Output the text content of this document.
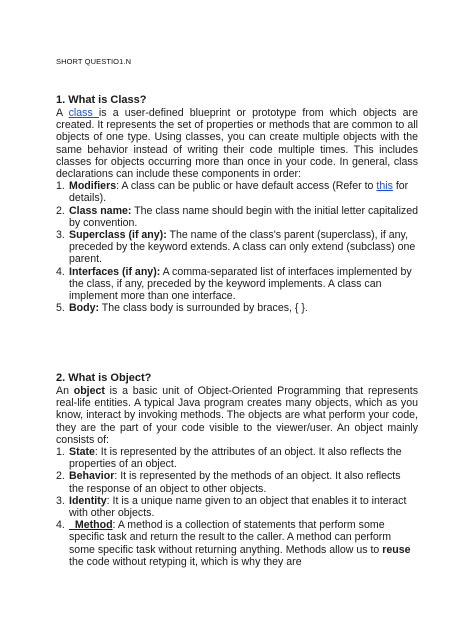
SHORT QUESTIO1.N
1. What is Class?

A class is a user-defined blueprint or prototype from which objects are created. It represents the set of properties or methods that are common to all objects of one type. Using classes, you can create multiple objects with the same behavior instead of writing their code multiple times. This includes classes for objects occurring more than once in your code. In general, class declarations can include these components in order:

1. Modifiers: A class can be public or have default access (Refer to this for details).
2. Class name: The class name should begin with the initial letter capitalized by convention.
3. Superclass (if any): The name of the class's parent (superclass), if any, preceded by the keyword extends. A class can only extend (subclass) one parent.
4. Interfaces (if any): A comma-separated list of interfaces implemented by the class, if any, preceded by the keyword implements. A class can implement more than one interface.
5. Body: The class body is surrounded by braces, { }.
2. What is Object?

An object is a basic unit of Object-Oriented Programming that represents real-life entities. A typical Java program creates many objects, which as you know, interact by invoking methods. The objects are what perform your code, they are the part of your code visible to the viewer/user. An object mainly consists of:

1. State: It is represented by the attributes of an object. It also reflects the properties of an object.
2. Behavior: It is represented by the methods of an object. It also reflects the response of an object to other objects.
3. Identity: It is a unique name given to an object that enables it to interact with other objects.
4. Method: A method is a collection of statements that perform some specific task and return the result to the caller. A method can perform some specific task without returning anything. Methods allow us to reuse the code without retyping it, which is why they are
